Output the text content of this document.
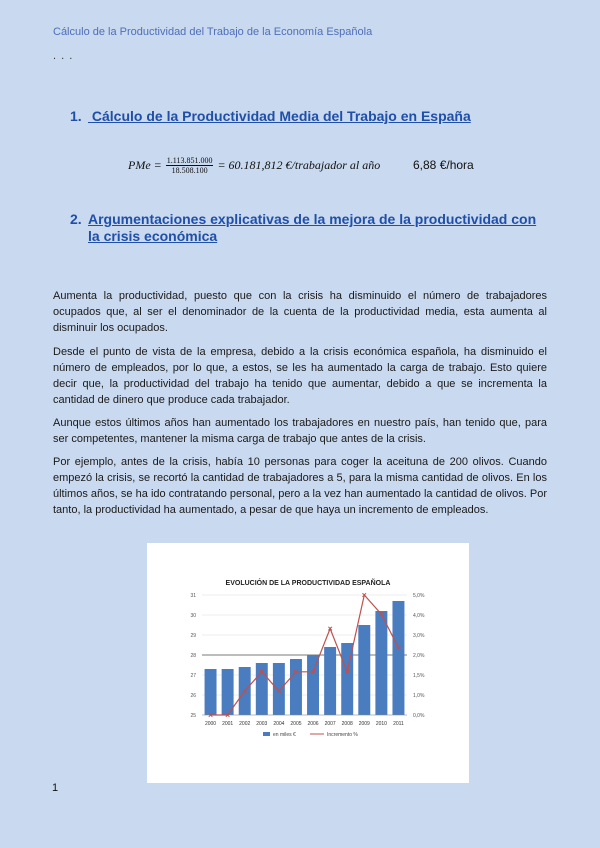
Cálculo de la Productividad del Trabajo de la Economía Española
. . .
1. Cálculo de la Productividad Media del Trabajo en España
PMe = $\frac{1.113.851.000}{18.508.100} = 60.181,812$ €/trabajador al año	6,88 €/hora
2. Argumentaciones explicativas de la mejora de la productividad con
la crisis económica

Aumenta la productividad, puesto que con la crisis ha disminuido el número de trabajadores ocupados que, al ser el denominador de la cuenta de la productividad media, esta aumenta al disminuir los ocupados.

Desde el punto de vista de la empresa, debido a la crisis económica española, ha disminuido el número de empleados, por lo que, a estos, se les ha aumentado la carga de trabajo. Esto quiere decir que, la productividad del trabajo ha tenido que aumentar, debido a que se incrementa la cantidad de dinero que produce cada trabajador.

Aunque estos últimos años han aumentado los trabajadores en nuestro país, han tenido que, para ser competentes, mantener la misma carga de trabajo que antes de la crisis.

Por ejemplo, antes de la crisis, había 10 personas para coger la aceituna de 200 olivos. Cuando empezó la crisis, se recortó la cantidad de trabajadores a 5, para la misma cantidad de olivos. En los últimos años, se ha ido contratando personal, pero a la vez han aumentado la cantidad de olivos. Por tanto, la productividad ha aumentado, a pesar de que haya un incremento de empleados.

EVOLUCIÓN DE LA PRODUCTIVIDAD ESPAÑOLA
25
26
27
28
29
30
31
0,0%
1,0%
1,5%
2,0%
3,0%
4,0%
5,0%
2000 2001 2002 2003 2004 2005 2006 2007 2008 2009 2010 2011
en miles €	Incremento %
1
